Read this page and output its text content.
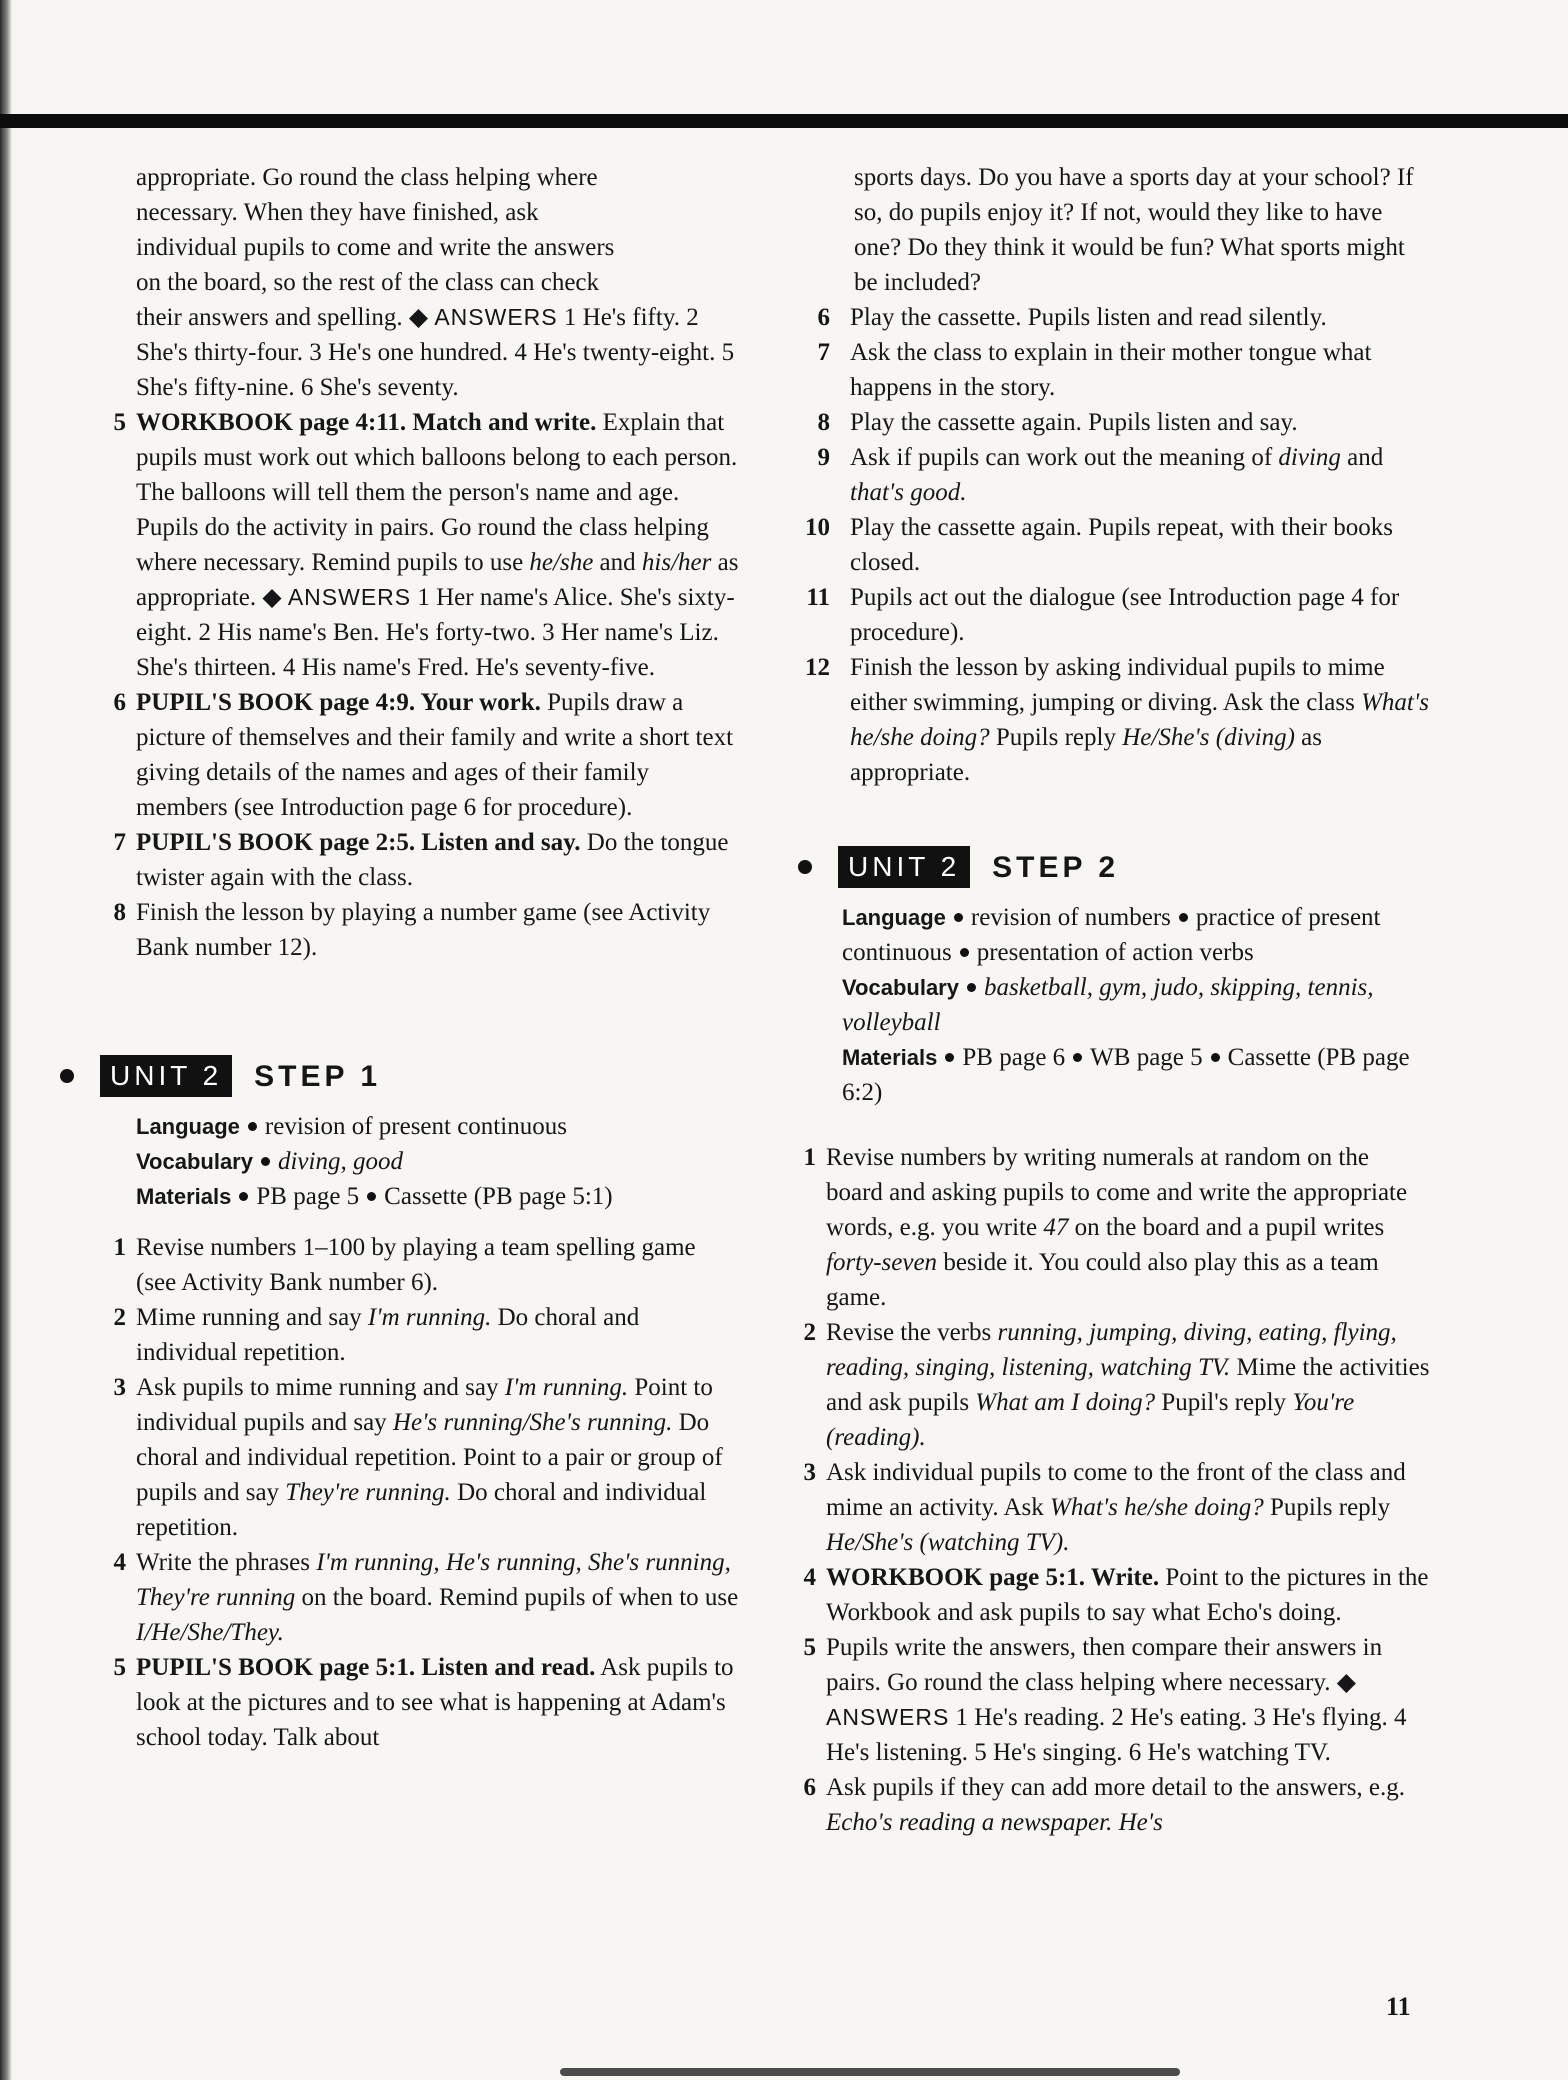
appropriate. Go round the class helping where
necessary. When they have finished, ask
individual pupils to come and write the answers
on the board, so the rest of the class can check
their answers and spelling. ◆ ANSWERS 1 He's fifty. 2 She's thirty-four. 3 He's one hundred. 4 He's twenty-eight. 5 She's fifty-nine. 6 She's seventy.

5 WORKBOOK page 4:11. Match and write. Explain that pupils must work out which balloons belong to each person. The balloons will tell them the person's name and age. Pupils do the activity in pairs. Go round the class helping where necessary. Remind pupils to use he/she and his/her as appropriate. ◆ ANSWERS 1 Her name's Alice. She's sixty-eight. 2 His name's Ben. He's forty-two. 3 Her name's Liz. She's thirteen. 4 His name's Fred. He's seventy-five.

6 PUPIL'S BOOK page 4:9. Your work. Pupils draw a picture of themselves and their family and write a short text giving details of the names and ages of their family members (see Introduction page 6 for procedure).

7 PUPIL'S BOOK page 2:5. Listen and say. Do the tongue twister again with the class.

8 Finish the lesson by playing a number game (see Activity Bank number 12).

UNIT 2	STEP 1

Language revision of present continuous

Vocabulary diving, good

Materials PB page 5 Cassette (PB page 5:1)

1 Revise numbers 1–100 by playing a team spelling game (see Activity Bank number 6).

2 Mime running and say I'm running. Do choral and individual repetition.

3 Ask pupils to mime running and say I'm running. Point to individual pupils and say He's running/She's running. Do choral and individual repetition. Point to a pair or group of pupils and say They're running. Do choral and individual repetition.

4 Write the phrases I'm running, He's running, She's running, They're running on the board. Remind pupils of when to use I/He/She/They.

5 PUPIL'S BOOK page 5:1. Listen and read. Ask pupils to look at the pictures and to see what is happening at Adam's school today. Talk about

sports days. Do you have a sports day at your school? If so, do pupils enjoy it? If not, would they like to have one? Do they think it would be fun? What sports might be included?

6 Play the cassette. Pupils listen and read silently.

7 Ask the class to explain in their mother tongue what happens in the story.

8 Play the cassette again. Pupils listen and say.

9 Ask if pupils can work out the meaning of diving and that's good.

10 Play the cassette again. Pupils repeat, with their books closed.

11 Pupils act out the dialogue (see Introduction page 4 for procedure).

12 Finish the lesson by asking individual pupils to mime either swimming, jumping or diving. Ask the class What's he/she doing? Pupils reply He/She's (diving) as appropriate.

UNIT 2	STEP 2

Language revision of numbers practice of present continuous presentation of action verbs

Vocabulary basketball, gym, judo, skipping, tennis, volleyball

Materials PB page 6 WB page 5 Cassette (PB page 6:2)

1 Revise numbers by writing numerals at random on the board and asking pupils to come and write the appropriate words, e.g. you write 47 on the board and a pupil writes forty-seven beside it. You could also play this as a team game.

2 Revise the verbs running, jumping, diving, eating, flying, reading, singing, listening, watching TV. Mime the activities and ask pupils What am I doing? Pupil's reply You're (reading).

3 Ask individual pupils to come to the front of the class and mime an activity. Ask What's he/she doing? Pupils reply He/She's (watching TV).

4 WORKBOOK page 5:1. Write. Point to the pictures in the Workbook and ask pupils to say what Echo's doing.

5 Pupils write the answers, then compare their answers in pairs. Go round the class helping where necessary. ◆ ANSWERS 1 He's reading. 2 He's eating. 3 He's flying. 4 He's listening. 5 He's singing. 6 He's watching TV.

6 Ask pupils if they can add more detail to the answers, e.g. Echo's reading a newspaper. He's

11
